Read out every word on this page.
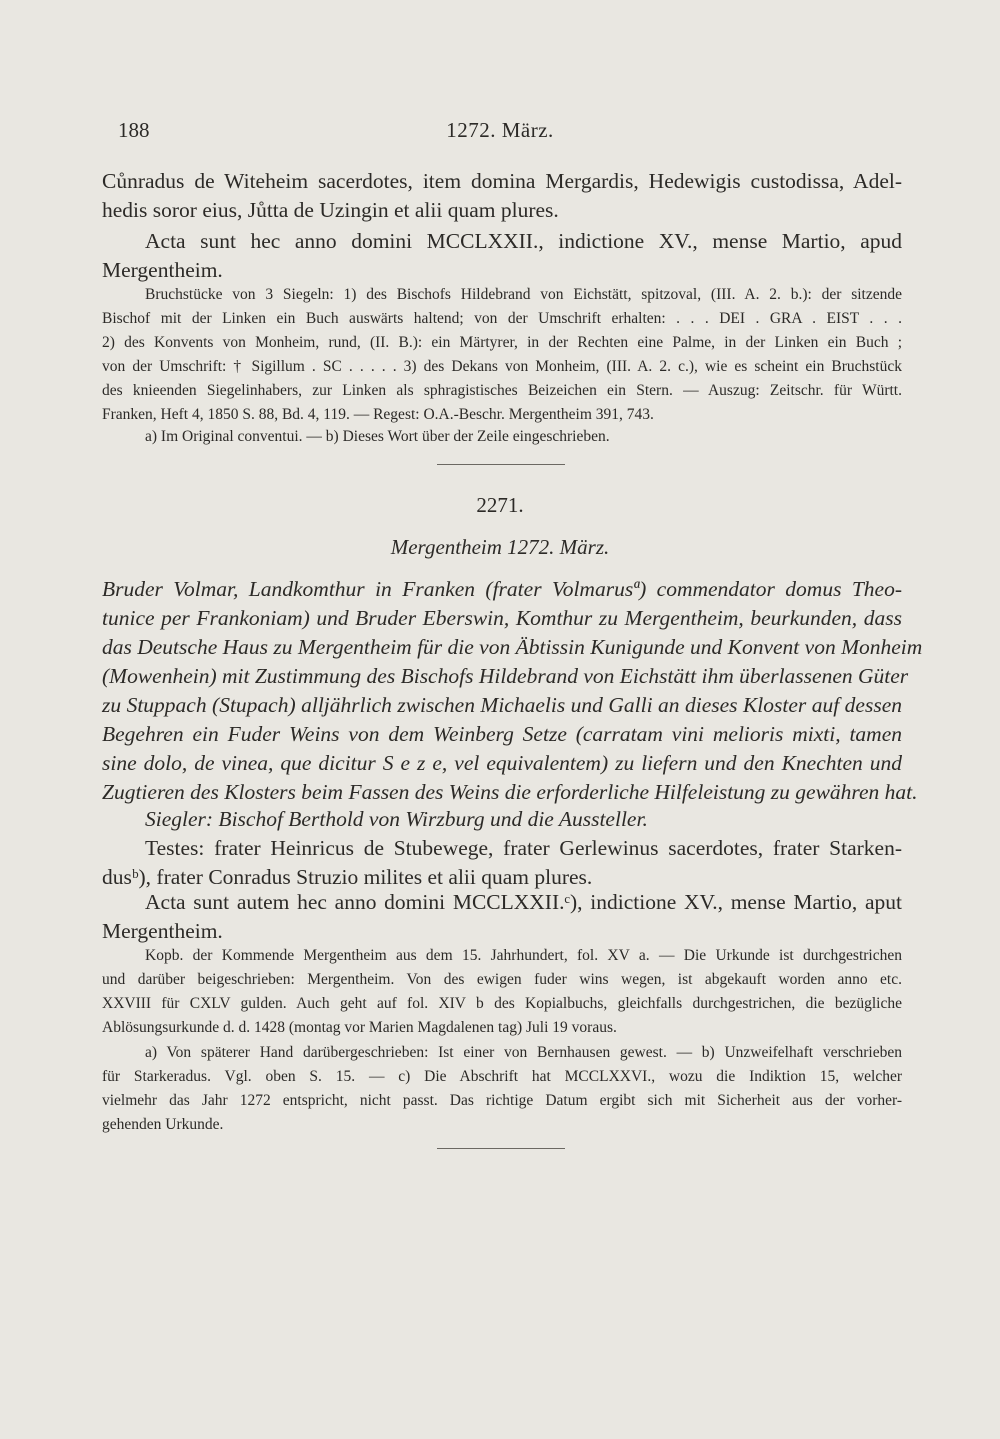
188	1272. März.

Cůnradus de Witeheim sacerdotes, item domina Mergardis, Hedewigis custodissa, Adel-
hedis soror eius, Jůtta de Uzingin et alii quam plures.

Acta sunt hec anno domini MCCLXXII., indictione XV., mense Martio, apud
Mergentheim.

Bruchstücke von 3 Siegeln: 1) des Bischofs Hildebrand von Eichstätt, spitzoval, (III. A. 2. b.): der sitzende
Bischof mit der Linken ein Buch auswärts haltend; von der Umschrift erhalten: . . . DEI . GRA . EIST . . .
2) des Konvents von Monheim, rund, (II. B.): ein Märtyrer, in der Rechten eine Palme, in der Linken ein Buch ;
von der Umschrift: † Sigillum . SC . . . . . 3) des Dekans von Monheim, (III. A. 2. c.), wie es scheint ein Bruchstück
des knieenden Siegelinhabers, zur Linken als sphragistisches Beizeichen ein Stern. — Auszug: Zeitschr. für Württ.
Franken, Heft 4, 1850 S. 88, Bd. 4, 119. — Regest: O.A.-Beschr. Mergentheim 391, 743.

a) Im Original conventui. — b) Dieses Wort über der Zeile eingeschrieben.

2271.
Mergentheim 1272. März.

Bruder Volmar, Landkomthur in Franken (frater Volmarusª) commendator domus Theo-
tunice per Frankoniam) und Bruder Eberswin, Komthur zu Mergentheim, beurkunden, dass
das Deutsche Haus zu Mergentheim für die von Äbtissin Kunigunde und Konvent von Monheim
(Mowenhein) mit Zustimmung des Bischofs Hildebrand von Eichstätt ihm überlassenen Güter
zu Stuppach (Stupach) alljährlich zwischen Michaelis und Galli an dieses Kloster auf dessen
Begehren ein Fuder Weins von dem Weinberg Setze (carratam vini melioris mixti, tamen
sine dolo, de vinea, que dicitur S e z e, vel equivalentem) zu liefern und den Knechten und
Zugtieren des Klosters beim Fassen des Weins die erforderliche Hilfeleistung zu gewähren hat.

Siegler: Bischof Berthold von Wirzburg und die Aussteller.

Testes: frater Heinricus de Stubewege, frater Gerlewinus sacerdotes, frater Starken-
dusᵇ), frater Conradus Struzio milites et alii quam plures.

Acta sunt autem hec anno domini MCCLXXII.ᶜ), indictione XV., mense Martio, aput
Mergentheim.

Kopb. der Kommende Mergentheim aus dem 15. Jahrhundert, fol. XV a. — Die Urkunde ist durchgestrichen
und darüber beigeschrieben: Mergentheim. Von des ewigen fuder wins wegen, ist abgekauft worden anno etc.
XXVIII für CXLV gulden. Auch geht auf fol. XIV b des Kopialbuchs, gleichfalls durchgestrichen, die bezügliche
Ablösungsurkunde d. d. 1428 (montag vor Marien Magdalenen tag) Juli 19 voraus.

a) Von späterer Hand darübergeschrieben: Ist einer von Bernhausen gewest. — b) Unzweifelhaft verschrieben
für Starkeradus. Vgl. oben S. 15. — c) Die Abschrift hat MCCLXXVI., wozu die Indiktion 15, welcher
vielmehr das Jahr 1272 entspricht, nicht passt. Das richtige Datum ergibt sich mit Sicherheit aus der vorher-
gehenden Urkunde.
